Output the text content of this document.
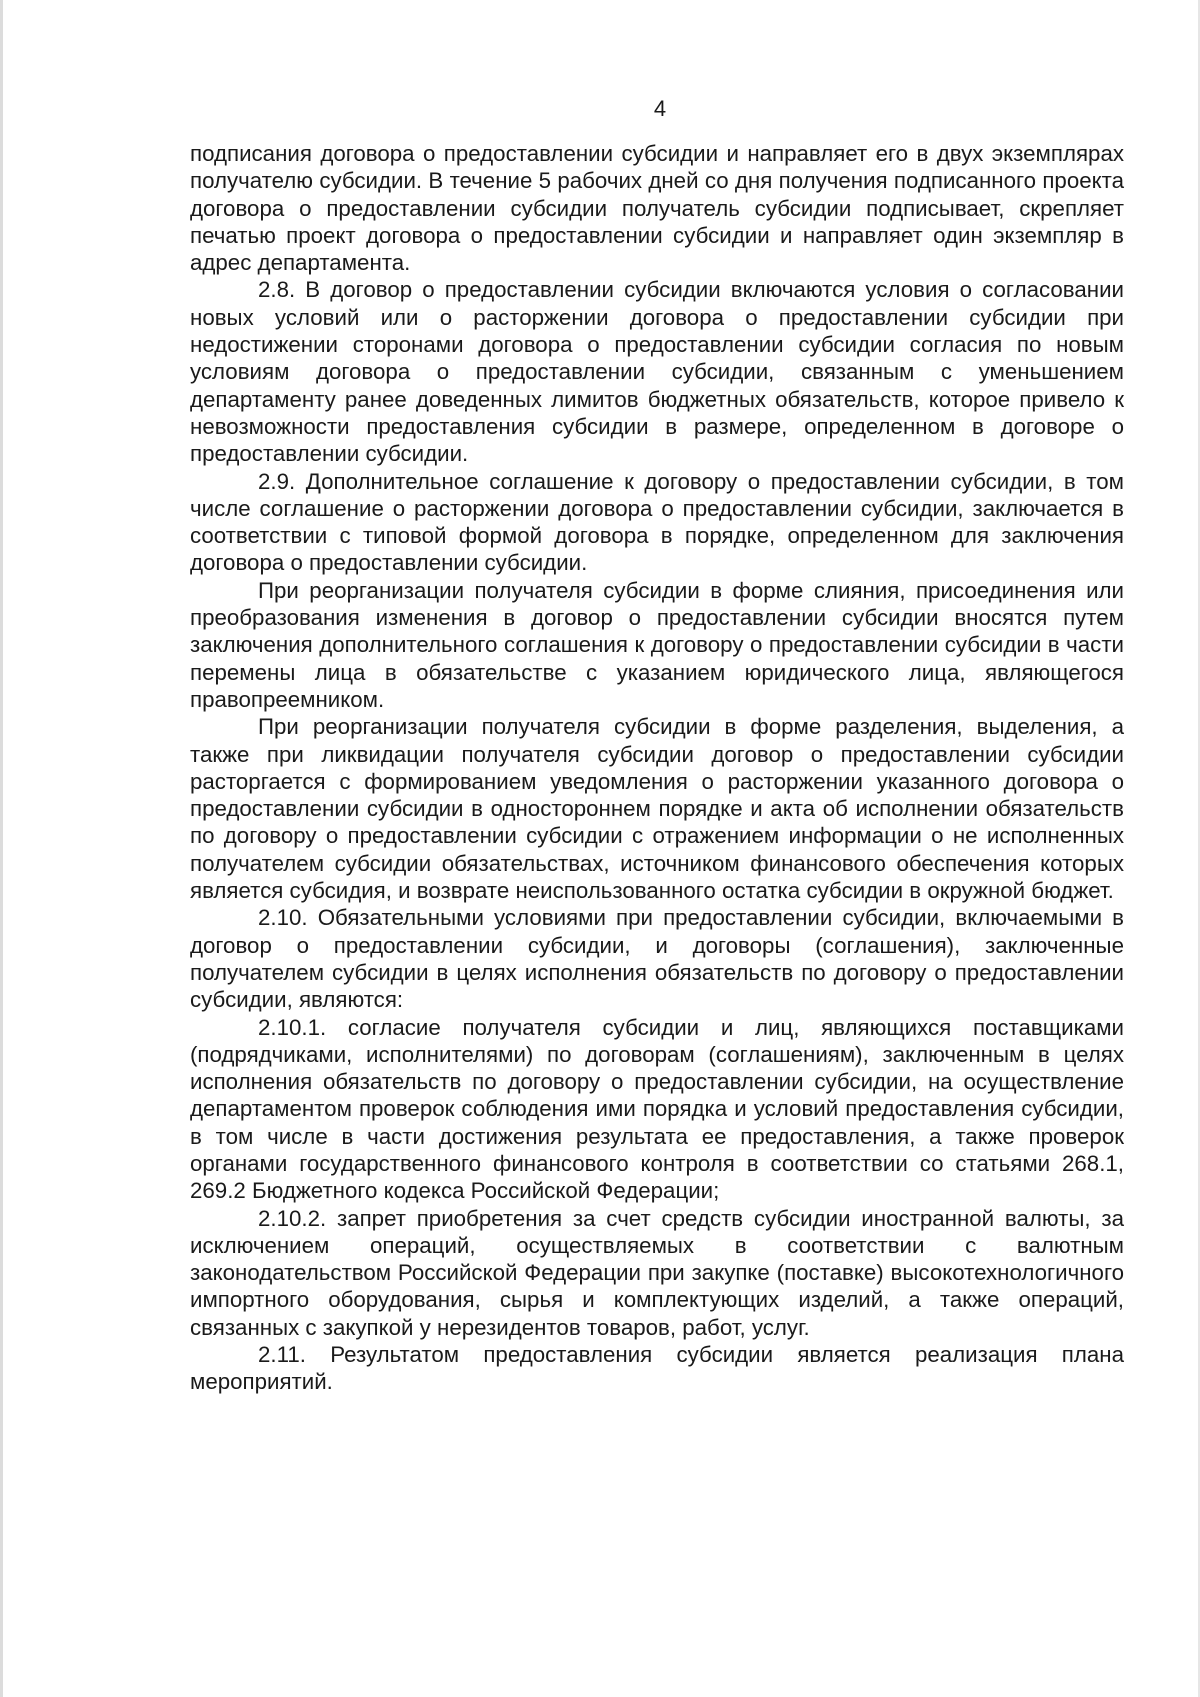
4

подписания договора о предоставлении субсидии и направляет его в двух экземплярах получателю субсидии. В течение 5 рабочих дней со дня получения подписанного проекта договора о предоставлении субсидии получатель субсидии подписывает, скрепляет печатью проект договора о предоставлении субсидии и направляет один экземпляр в адрес департамента.

2.8. В договор о предоставлении субсидии включаются условия о согласовании новых условий или о расторжении договора о предоставлении субсидии при недостижении сторонами договора о предоставлении субсидии согласия по новым условиям договора о предоставлении субсидии, связанным с уменьшением департаменту ранее доведенных лимитов бюджетных обязательств, которое привело к невозможности предоставления субсидии в размере, определенном в договоре о предоставлении субсидии.

2.9. Дополнительное соглашение к договору о предоставлении субсидии, в том числе соглашение о расторжении договора о предоставлении субсидии, заключается в соответствии с типовой формой договора в порядке, определенном для заключения договора о предоставлении субсидии.

При реорганизации получателя субсидии в форме слияния, присоединения или преобразования изменения в договор о предоставлении субсидии вносятся путем заключения дополнительного соглашения к договору о предоставлении субсидии в части перемены лица в обязательстве с указанием юридического лица, являющегося правопреемником.

При реорганизации получателя субсидии в форме разделения, выделения, а также при ликвидации получателя субсидии договор о предоставлении субсидии расторгается с формированием уведомления о расторжении указанного договора о предоставлении субсидии в одностороннем порядке и акта об исполнении обязательств по договору о предоставлении субсидии с отражением информации о не исполненных получателем субсидии обязательствах, источником финансового обеспечения которых является субсидия, и возврате неиспользованного остатка субсидии в окружной бюджет.

2.10. Обязательными условиями при предоставлении субсидии, включаемыми в договор о предоставлении субсидии, и договоры (соглашения), заключенные получателем субсидии в целях исполнения обязательств по договору о предоставлении субсидии, являются:

2.10.1. согласие получателя субсидии и лиц, являющихся поставщиками (подрядчиками, исполнителями) по договорам (соглашениям), заключенным в целях исполнения обязательств по договору о предоставлении субсидии, на осуществление департаментом проверок соблюдения ими порядка и условий предоставления субсидии, в том числе в части достижения результата ее предоставления, а также проверок органами государственного финансового контроля в соответствии со статьями 268.1, 269.2 Бюджетного кодекса Российской Федерации;

2.10.2. запрет приобретения за счет средств субсидии иностранной валюты, за исключением операций, осуществляемых в соответствии с валютным законодательством Российской Федерации при закупке (поставке) высокотехнологичного импортного оборудования, сырья и комплектующих изделий, а также операций, связанных с закупкой у нерезидентов товаров, работ, услуг.

2.11. Результатом предоставления субсидии является реализация плана мероприятий.
